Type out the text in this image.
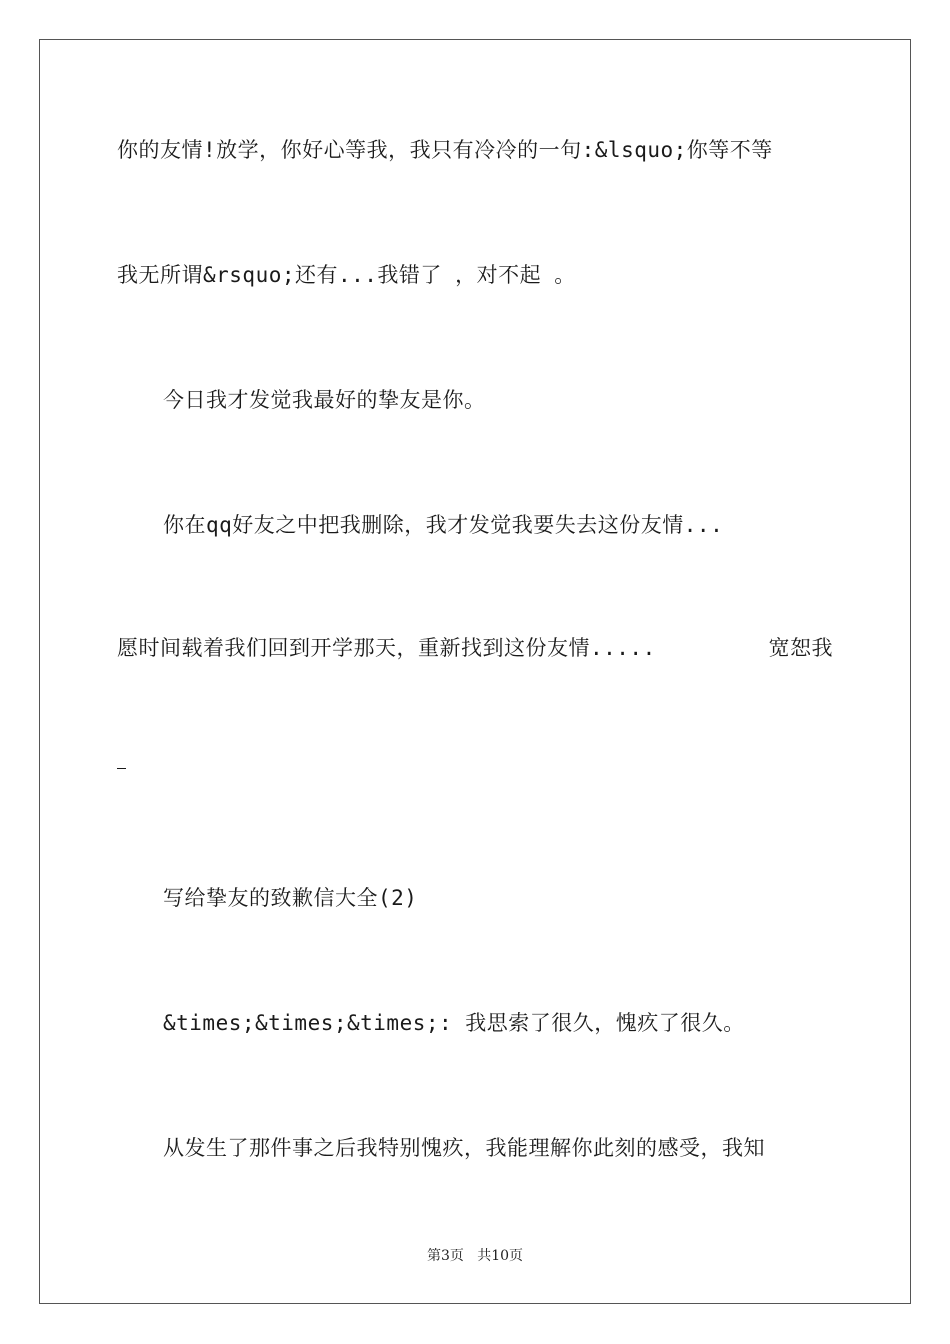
你的友情!放学，你好心等我，我只有冷冷的一句:&lsquo;你等不等
我无所谓&rsquo;还有...我错了 ，对不起 。
今日我才发觉我最好的挚友是你。
你在qq好友之中把我删除，我才发觉我要失去这份友情...
愿时间载着我们回到开学那天，重新找到这份友情.....	宽恕我
写给挚友的致歉信大全(2)
&times;&times;&times;: 我思索了很久，愧疚了很久。
从发生了那件事之后我特别愧疚，我能理解你此刻的感受，我知
第3页   共10页
